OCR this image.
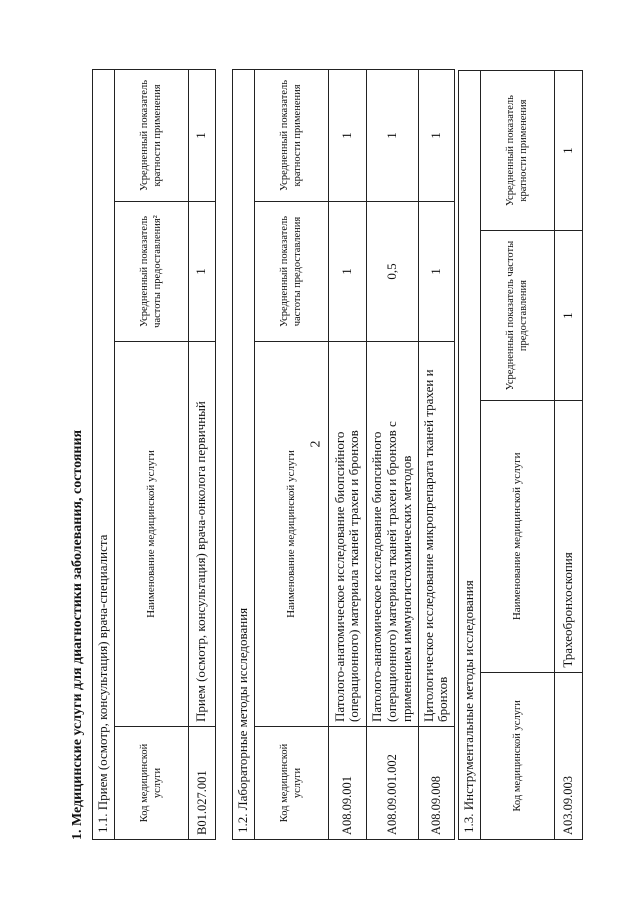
2
1. Медицинские услуги для диагностики заболевания, состояния 1.1. Прием (осмотр, консультация) врача-специалиста			
Код медицинской услуги	Наименование медицинской услуги	Усредненный показатель частоты предоставления²	Усредненный показатель кратности применения
B01.027.001	Прием (осмотр, консультация) врача-онколога первичный	1	1
1.2. Лабораторные методы исследования			
Код медицинской услуги	Наименование медицинской услуги	Усредненный показатель частоты предоставления	Усредненный показатель кратности применения
A08.09.001	Патолого-анатомическое исследование биопсийного (операционного) материала тканей трахеи и бронхов	1	1
A08.09.001.002	Патолого-анатомическое исследование биопсийного (операционного) материала тканей трахеи и бронхов с применением иммуногистохимических методов	0,5	1
A08.09.008	Цитологическое исследование микропрепарата тканей трахеи и бронхов	1	1
1.3. Инструментальные методы исследования			
Код медицинской услуги	Наименование медицинской услуги	Усредненный показатель частоты предоставления	Усредненный показатель кратности применения
A03.09.003	Трахеобронхоскопия	1	1
